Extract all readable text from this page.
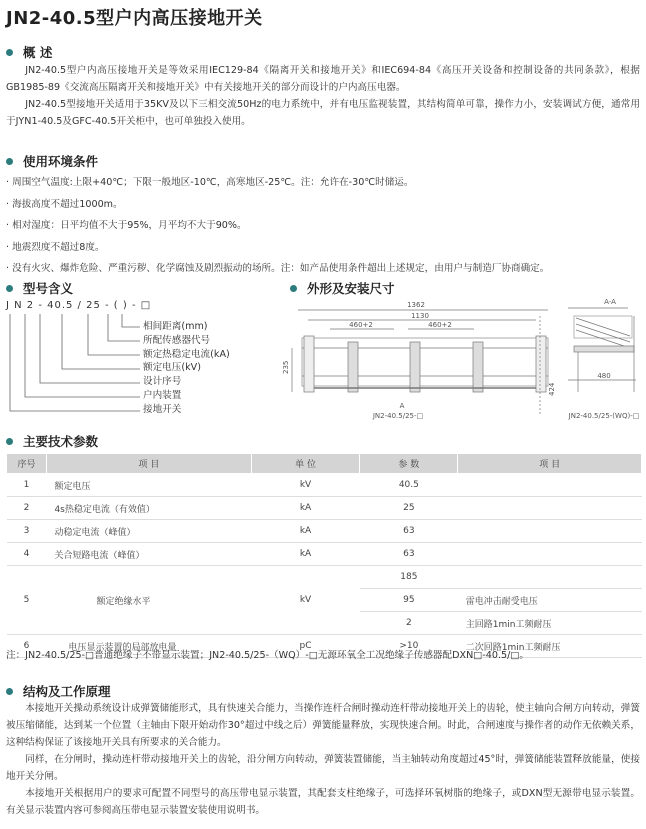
JN2-40.5型户内高压接地开关
概 述

JN2-40.5型户内高压接地开关是等效采用IEC129-84《隔离开关和接地开关》和IEC694-84《高压开关设备和控制设备的共同条款》，根据GB1985-89《交流高压隔离开关和接地开关》中有关接地开关的部分而设计的户内高压电器。

JN2-40.5型接地开关适用于35KV及以下三相交流50Hz的电力系统中，并有电压监视装置，其结构简单可靠，操作力小，安装调试方便，通常用于JYN1-40.5及GFC-40.5开关柜中，也可单独投入使用。

使用环境条件
· 周围空气温度:上限+40℃；下限一般地区-10℃，高寒地区-25℃。注：允许在-30℃时储运。
· 海拔高度不超过1000m。
· 相对湿度：日平均值不大于95%，月平均不大于90%。
· 地震烈度不超过8度。
· 没有火灾、爆炸危险、严重污秽、化学腐蚀及剧烈振动的场所。注：如产品使用条件超出上述规定，由用户与制造厂协商确定。
型号含义
J N 2 - 40.5 / 25 - ( ) - □
相间距离(mm)
所配传感器代号
额定热稳定电流(kA)
额定电压(kV)
设计序号
户内装置
接地开关
外形及安装尺寸
1362
1130
460+2	460+2
235
424
A-A
480
A
JN2-40.5/25-□	JN2-40.5/25-(WQ)-□
主要技术参数
序号	项 目	单 位	参 数	项 目
1	额定电压	kV	40.5	
2	4s热稳定电流（有效值）	kA	25	
3	动稳定电流（峰值）	kA	63	
4	关合短路电流（峰值）	kA	63	
5	额定绝缘水平	kV	185	
			95	雷电冲击耐受电压
			2	主回路1min工频耐压
6	电压显示装置的局部放电量	pC	>10	二次回路1min工频耐压
注：JN2-40.5/25-□普通绝缘子不带显示装置；JN2-40.5/25-（WQ）-□无源环氧全工况绝缘子传感器配DXN□-40.5/□。
结构及工作原理

本接地开关操动系统设计成弹簧储能形式，具有快速关合能力，当操作连杆合闸时操动连杆带动接地开关上的齿轮，使主轴向合闸方向转动，弹簧被压缩储能，达到某一个位置（主轴由下限开始动作30°超过中线之后）弹簧能量释放，实现快速合闸。时此，合闸速度与操作者的动作无依赖关系，这种结构保证了该接地开关具有所要求的关合能力。

同样，在分闸时，操动连杆带动接地开关上的齿轮，沿分闸方向转动，弹簧装置储能，当主轴转动角度超过45°时，弹簧储能装置释放能量，使接地开关分闸。

本接地开关根据用户的要求可配置不同型号的高压带电显示装置，其配套支柱绝缘子，可选择环氧树脂的绝缘子，或DXN型无源带电显示装置。有关显示装置内容可参阅高压带电显示装置安装使用说明书。
